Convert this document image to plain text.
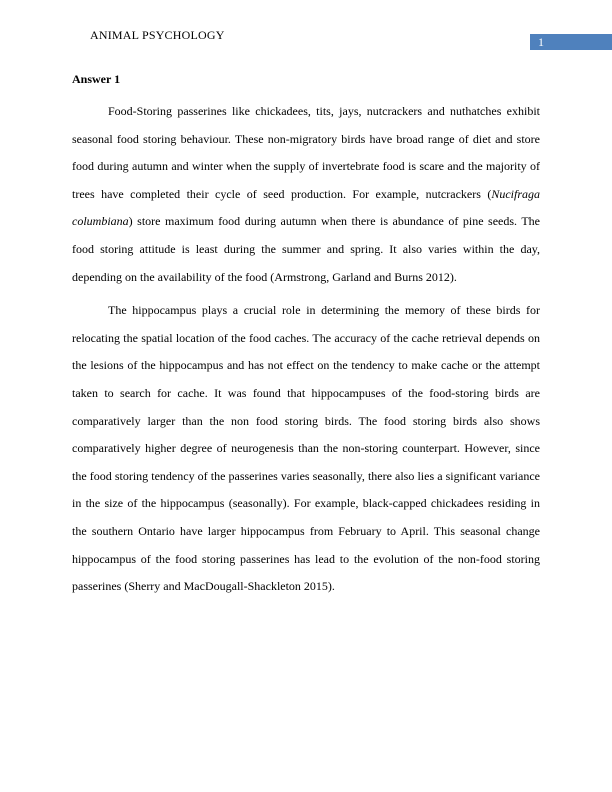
ANIMAL PSYCHOLOGY	1

Answer 1

Food-Storing passerines like chickadees, tits, jays, nutcrackers and nuthatches exhibit seasonal food storing behaviour. These non-migratory birds have broad range of diet and store food during autumn and winter when the supply of invertebrate food is scare and the majority of trees have completed their cycle of seed production. For example, nutcrackers (Nucifraga columbiana) store maximum food during autumn when there is abundance of pine seeds. The food storing attitude is least during the summer and spring. It also varies within the day, depending on the availability of the food (Armstrong, Garland and Burns 2012).

The hippocampus plays a crucial role in determining the memory of these birds for relocating the spatial location of the food caches. The accuracy of the cache retrieval depends on the lesions of the hippocampus and has not effect on the tendency to make cache or the attempt taken to search for cache. It was found that hippocampuses of the food-storing birds are comparatively larger than the non food storing birds. The food storing birds also shows comparatively higher degree of neurogenesis than the non-storing counterpart. However, since the food storing tendency of the passerines varies seasonally, there also lies a significant variance in the size of the hippocampus (seasonally). For example, black-capped chickadees residing in the southern Ontario have larger hippocampus from February to April. This seasonal change hippocampus of the food storing passerines has lead to the evolution of the non-food storing passerines (Sherry and MacDougall-Shackleton 2015).
